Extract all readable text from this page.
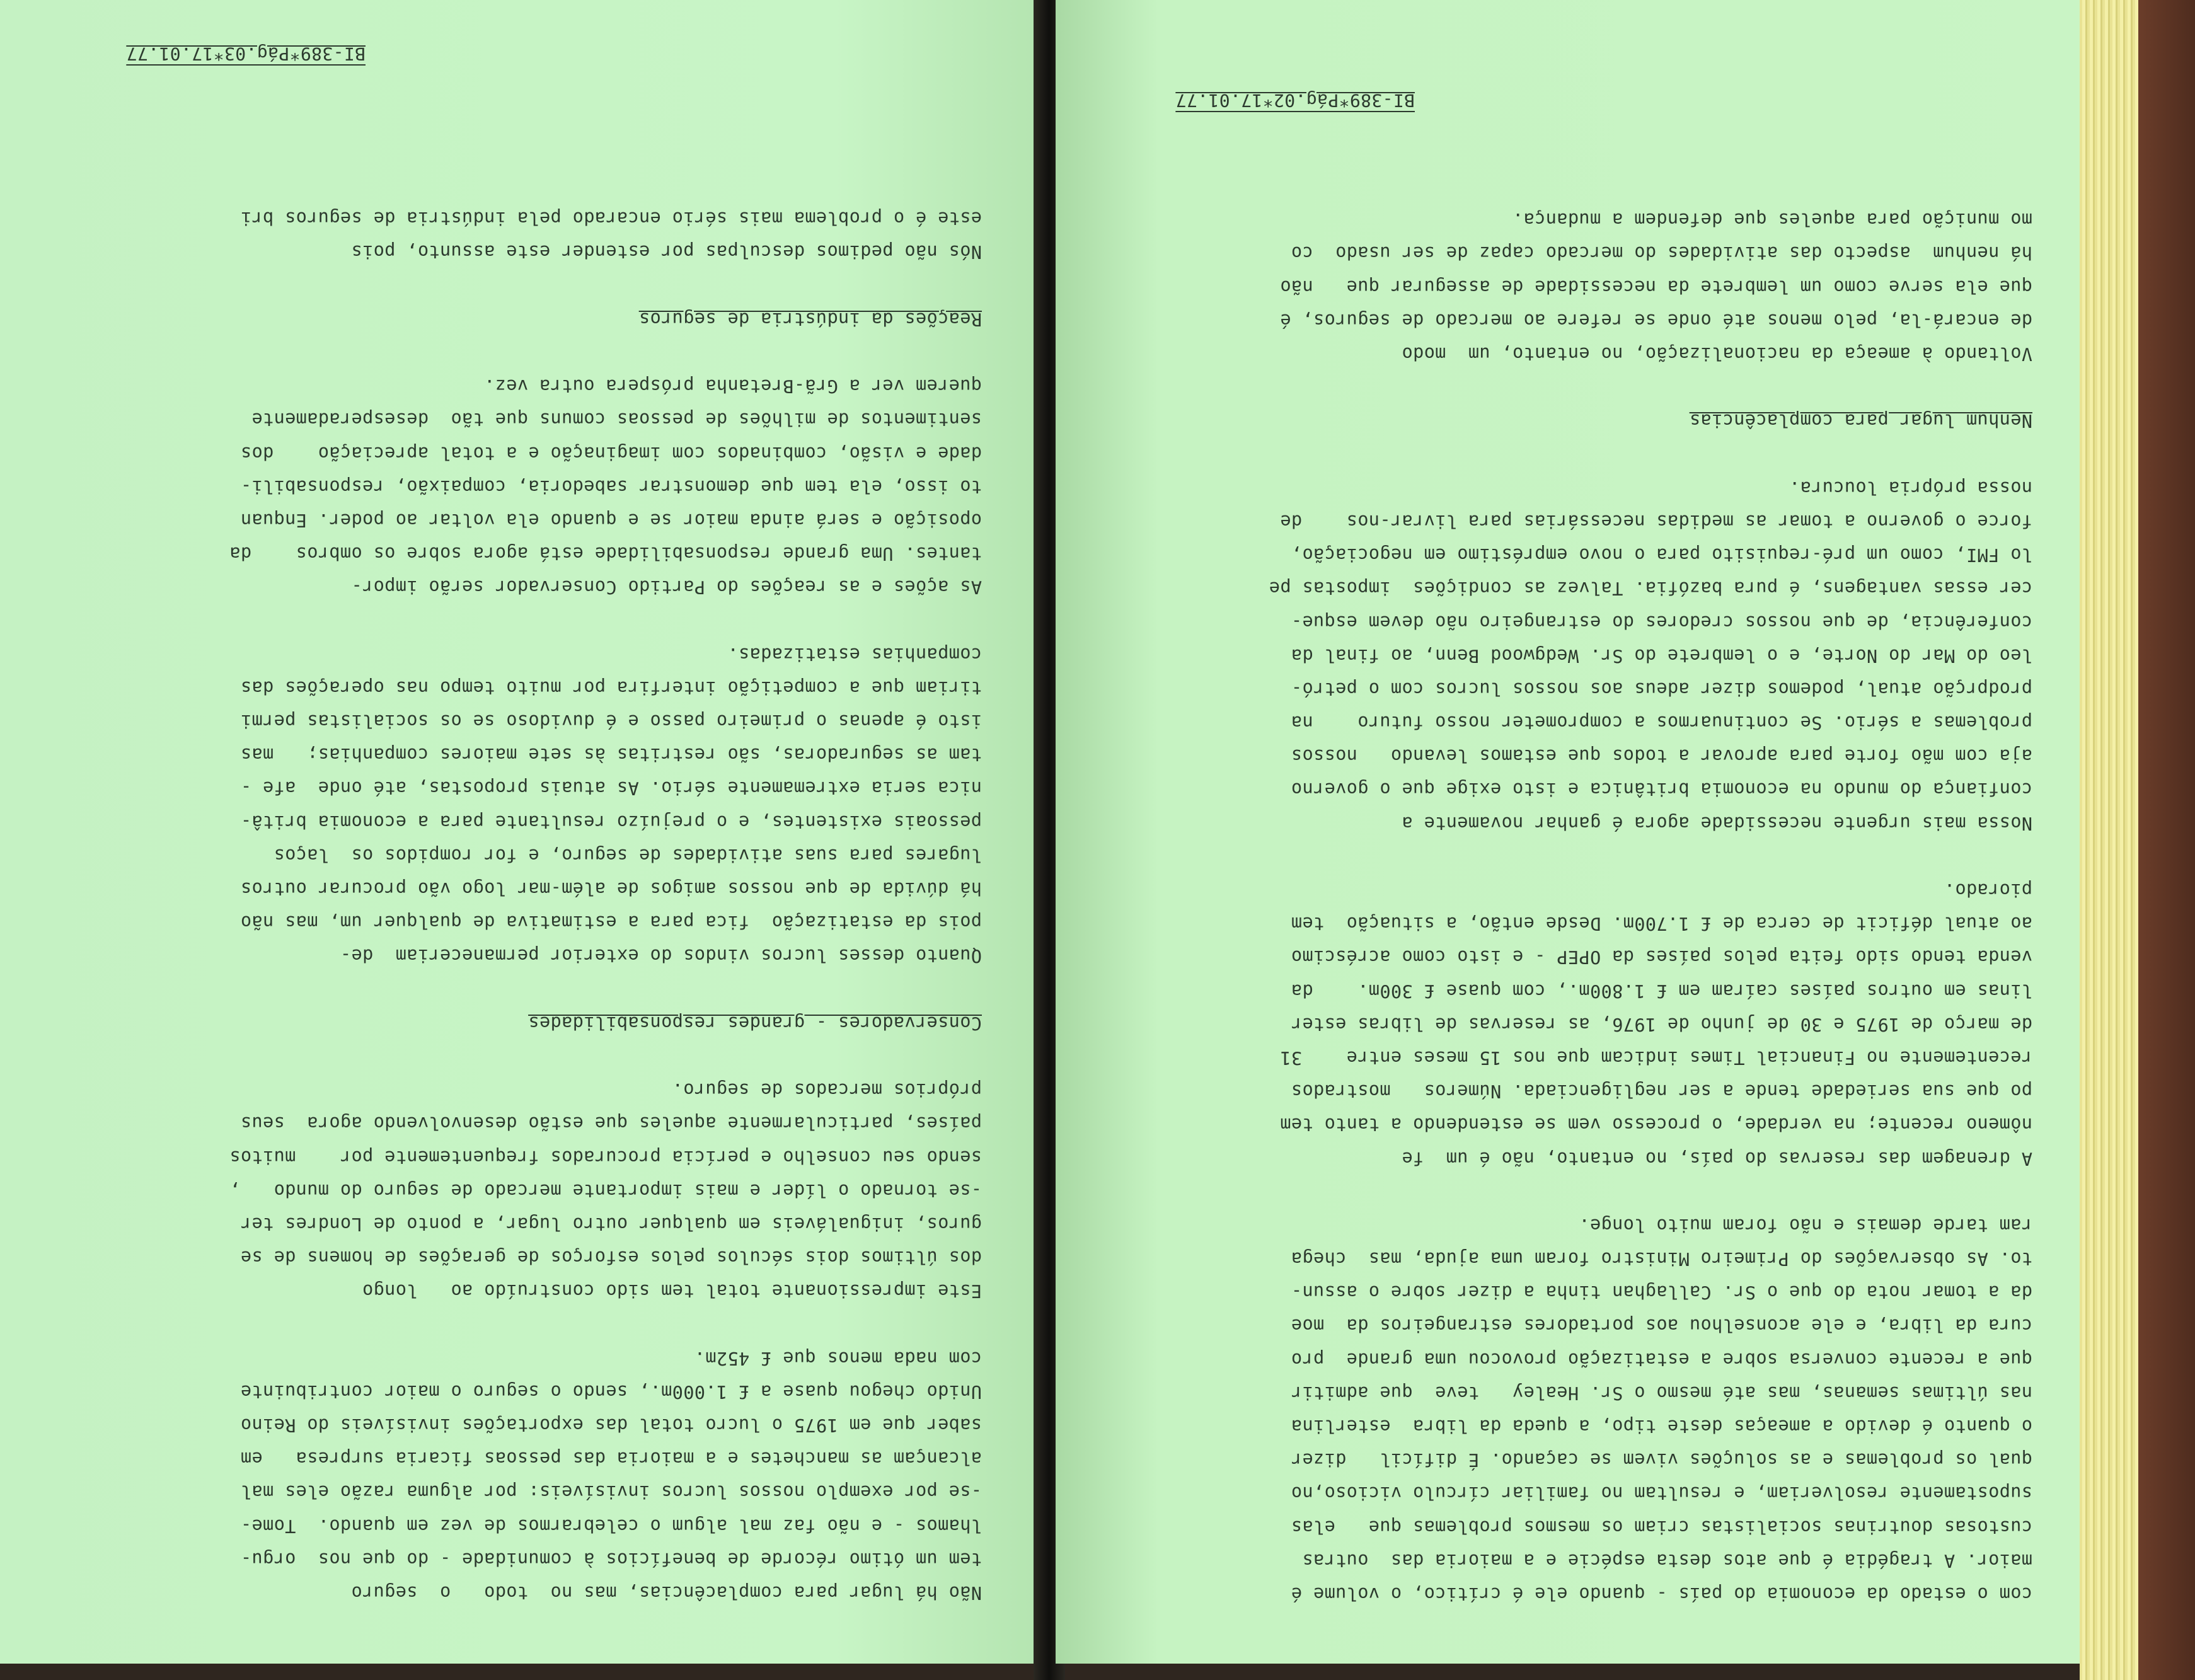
Não há lugar para complacências, mas no  todo   o  seguro
tem um ótimo récorde de benefícios à comunidade - do que nos  orgu-
lhamos - e não faz mal algum o celebrarmos de vez em quando.  Tome-
-se por exemplo nossos lucros invisíveis: por alguma razão eles mal
alcançam as manchetes e a maioria das pessoas ficaria surpresa   em
saber que em 1975 o lucro total das exportações invisíveis do Reino
Unido chegou quase a £ 1.000m., sendo o seguro o maior contribuinte
com nada menos que £ 452m.
Este impressionante total tem sido construído ao   longo
dos últimos dois séculos pelos esforços de gerações de homens de se
guros, inigualáveis em qualquer outro lugar, a ponto de Londres ter
-se tornado o líder e mais importante mercado de seguro do mundo   ,
sendo seu conselho e perícia procurados frequentemente por    muitos
países, particularmente aqueles que estão desenvolvendo agora  seus
próprios mercados de seguro.
Conservadores - grandes responsabilidades
Quanto desses lucros vindos do exterior permaneceriam  de-
pois da estatização  fica para a estimativa de qualquer um, mas não
há dúvida de que nossos amigos de além-mar logo vão procurar outros
lugares para suas atividades de seguro, e for rompidos os  laços
pessoais existentes, e o prejuízo resultante para a economia britâ-
nica seria extremamente sério. As atuais propostas, até onde  afe -
tam as seguradoras, são restritas às sete maiores companhias;   mas
isto é apenas o primeiro passo e é duvidoso se os socialistas permi
tiriam que a competição interfira por muito tempo nas operações das
companhias estatizadas.
As ações e as reações do Partido Conservador serão impor-
tantes. Uma grande responsabilidade está agora sobre os ombros    da
oposição e será ainda maior se e quando ela voltar ao poder. Enquan
to isso, ela tem que demonstrar sabedoria, compaixão, responsabili-
dade e visão, combinados com imaginação e a total apreciação    dos
sentimentos de milhões de pessoas comuns que tão  desesperadamente
querem ver a Grã-Bretanha próspera outra vez.
Reações da indústria de seguros
Nós não pedimos desculpas por estender este assunto, pois
este é o problema mais sério encarado pela indústria de seguros bri
BI-389*Pág.03*17.01.77
com o estado da economia do país - quando ele é crítico, o volume é
maior. A tragédia é que atos desta espécie e a maioria das  outras
custosas doutrinas socialistas criam os mesmos problemas que   elas
supostamente resolveriam, e resultam no familiar círculo vicioso,no
qual os problemas e as soluções vivem se caçando. É difícil   dizer
o quanto é devido a ameaças deste tipo, a queda da libra  esterlina
nas últimas semanas, mas até mesmo o Sr. Healey   teve  que admitir
que a recente conversa sobre a estatização provocou uma grande  pro
cura da libra, e ele aconselhou aos portadores estrangeiros da  moe
da a tomar nota do que o Sr. Callaghan tinha a dizer sobre o assun-
to. As observações do Primeiro Ministro foram uma ajuda, mas  chega
ram tarde demais e não foram muito longe.
A drenagem das reservas do país, no entanto, não é um  fe
nômeno recente; na verdade, o processo vem se estendendo a tanto tem
po que sua seriedade tende a ser negligenciada. Números   mostrados
recentemente no Financial Times indicam que nos 15 meses entre    31
de março de 1975 e 30 de junho de 1976, as reservas de libras ester
linas em outros países caíram em £ 1.800m., com quase £ 300m.    da
venda tendo sido feita pelos países da OPEP - e isto como acréscimo
ao atual déficit de cerca de £ 1.700m. Desde então, a situação  tem
piorado.
Nossa mais urgente necessidade agora é ganhar novamente a
confiança do mundo na economia britânica e isto exige que o governo
aja com mão forte para aprovar a todos que estamos levando   nossos
problemas a sério. Se continuarmos a comprometer nosso futuro    na
prodprção atual, podemos dizer adeus aos nossos lucros com o petró-
leo do Mar do Norte, e o lembrete do Sr. Wedgwood Benn, ao final da
conferência, de que nossos credores do estrangeiro não devem esque-
cer essas vantagens, é pura bazófia. Talvez as condições  impostas pe
lo FMI, como um pré-requisito para o novo empréstimo em negociação,
force o governo a tomar as medidas necessárias para livrar-nos    de
nossa própria loucura.
Nenhum lugar para complacências
Voltando à ameaça da nacionalização, no entanto, um  modo
de encará-la, pelo menos até onde se refere ao mercado de seguros, é
que ela serve como um lembrete da necessidade de assegurar que   não
há nenhum  aspecto das atividades do mercado capaz de ser usado  co
mo munição para aqueles que defendem a mudança.
BI-389*Pág.02*17.01.77
